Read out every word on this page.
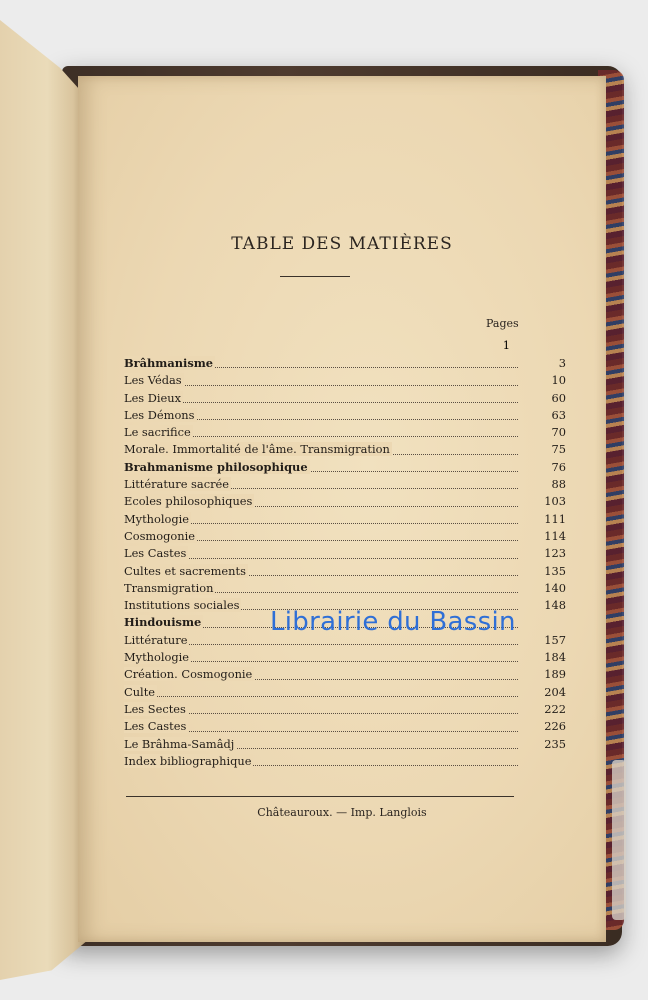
TABLE DES MATIÈRES
Pages
1
Brâhmanisme	3
Les Védas	10
Les Dieux	60
Les Démons	63
Le sacrifice	70
Morale. Immortalité de l'âme. Transmigration	75
Brahmanisme philosophique	76
Littérature sacrée	88
Ecoles philosophiques	103
Mythologie	111
Cosmogonie	114
Les Castes	123
Cultes et sacrements	135
Transmigration	140
Institutions sociales	148
Hindouisme
Littérature	157
Mythologie	184
Création. Cosmogonie	189
Culte	204
Les Sectes	222
Les Castes	226
Le Brâhma-Samâdj	235
Index bibliographique
Châteauroux. — Imp. Langlois
Librairie du Bassin
